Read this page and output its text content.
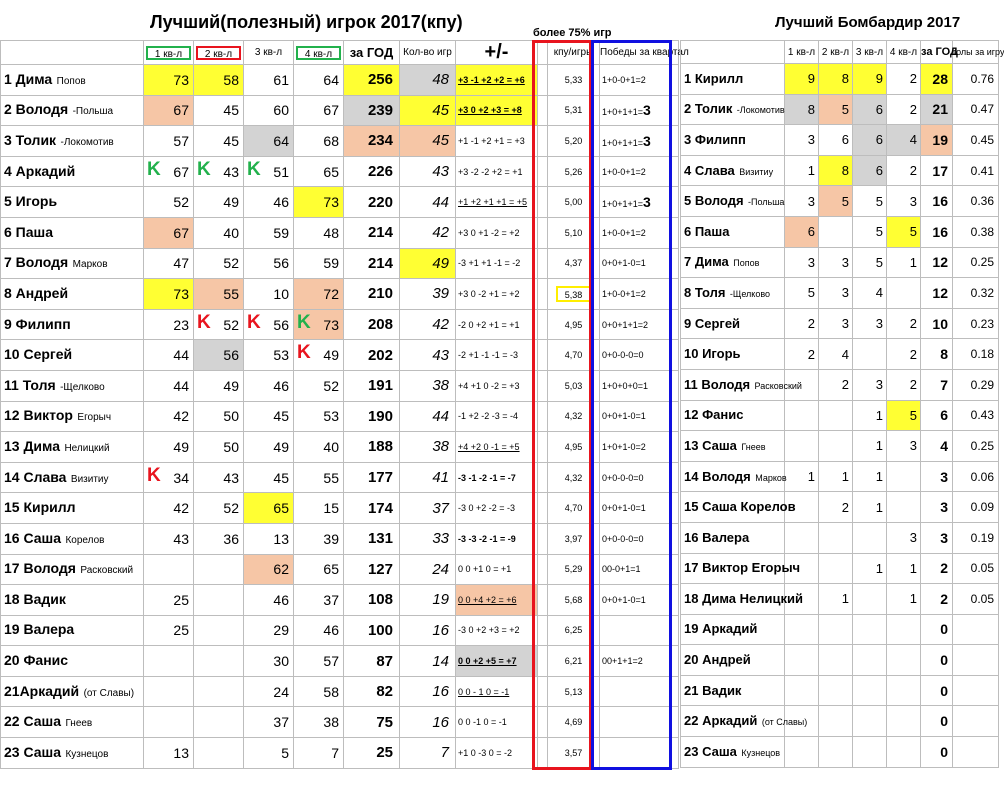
Лучший(полезный) игрок 2017(кпу)
более 75% игр
	1 кв-л	2 кв-л	3 кв-л	4 кв-л	за ГОД	Кол-во игр	+/-		кпу/игры	Победы за квартал
1 Дима Попов	73	58	61	64	256	48	+3 -1 +2 +2 = +6		5,33	1+0-0+1=2
2 Володя -Польша	67	45	60	67	239	45	+3 0 +2 +3 = +8		5,31	1+0+1+1=3
3 Толик -Локомотив	57	45	64	68	234	45	+1 -1 +2 +1 = +3		5,20	1+0+1+1=3
4 Аркадий	K 67	K 43	K 51	65	226	43	+3 -2 -2 +2 = +1		5,26	1+0-0+1=2
5 Игорь	52	49	46	73	220	44	+1 +2 +1 +1 = +5		5,00	1+0+1+1=3
6 Паша	67	40	59	48	214	42	+3 0 +1 -2 = +2		5,10	1+0-0+1=2
7 Володя Марков	47	52	56	59	214	49	-3 +1 +1 -1 = -2		4,37	0+0+1-0=1
8 Андрей	73	55	10	72	210	39	+3 0 -2 +1 = +2		5,38	1+0-0+1=2
9 Филипп	23	K 52	K 56	K 73	208	42	-2 0 +2 +1 = +1		4,95	0+0+1+1=2
10 Сергей	44	56	53	K 49	202	43	-2 +1 -1 -1 = -3		4,70	0+0-0-0=0
11 Толя -Щелково	44	49	46	52	191	38	+4 +1 0 -2 = +3		5,03	1+0+0+0=1
12 Виктор Егорыч	42	50	45	53	190	44	-1 +2 -2 -3 = -4		4,32	0+0+1-0=1
13 Дима Нелицкий	49	50	49	40	188	38	+4 +2 0 -1 = +5		4,95	1+0+1-0=2
14 Слава Визитиу	K 34	43	45	55	177	41	-3 -1 -2 -1 = -7		4,32	0+0-0-0=0
15 Кирилл	42	52	65	15	174	37	-3 0 +2 -2 = -3		4,70	0+0+1-0=1
16 Саша Корелов	43	36	13	39	131	33	-3 -3 -2 -1 = -9		3,97	0+0-0-0=0
17 Володя Расковский			62	65	127	24	0 0 +1 0 = +1		5,29	00-0+1=1
18 Вадик	25		46	37	108	19	0 0 +4 +2 = +6		5,68	0+0+1-0=1
19 Валера	25		29	46	100	16	-3 0 +2 +3 = +2		6,25	
20 Фанис			30	57	87	14	0 0 +2 +5 = +7		6,21	00+1+1=2
21Аркадий (от Славы)			24	58	82	16	0 0 - 1 0 = -1		5,13	
22 Саша Гнеев			37	38	75	16	0 0 -1 0 = -1		4,69	
23 Саша Кузнецов	13		5	7	25	7	+1 0 -3 0 = -2		3,57	
Лучший Бомбардир 2017
	1 кв-л	2 кв-л	3 кв-л	4 кв-л	за ГОД	голы за игру
1 Кирилл	9	8	9	2	28	0.76
2 Толик -Локомотив	8	5	6	2	21	0.47
3 Филипп	3	6	6	4	19	0.45
4 Слава Визитиу	1	8	6	2	17	0.41
5 Володя -Польша	3	5	5	3	16	0.36
6 Паша	6		5	5	16	0.38
7 Дима Попов	3	3	5	1	12	0.25
8 Толя -Щелково	5	3	4		12	0.32
9 Сергей	2	3	3	2	10	0.23
10 Игорь	2	4		2	8	0.18
11 Володя Расковский		2	3	2	7	0.29
12 Фанис			1	5	6	0.43
13 Саша Гнеев			1	3	4	0.25
14 Володя Марков	1	1	1		3	0.06
15 Саша Корелов		2	1		3	0.09
16 Валера				3	3	0.19
17 Виктор Егорыч			1	1	2	0.05
18 Дима Нелицкий		1		1	2	0.05
19 Аркадий					0	
20 Андрей					0	
21 Вадик					0	
22 Аркадий (от Славы)					0	
23 Саша Кузнецов					0	
